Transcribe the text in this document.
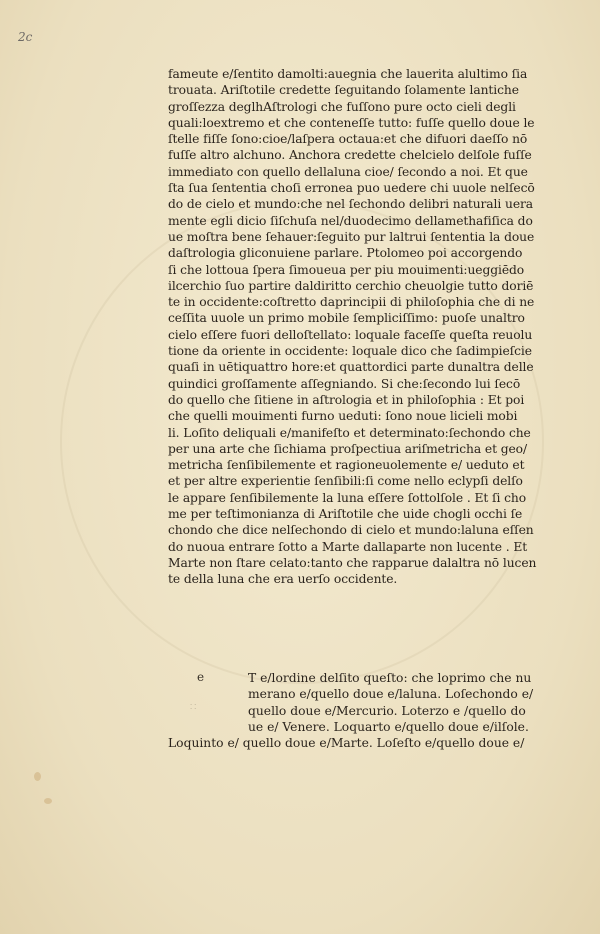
2c
fameute e/ſentito damolti:auegnia che lauerita alultimo ſia
trouata. Ariſtotile credette ſeguitando ſolamente lantiche
groſſezza deglhAſtrologi che fuſſono pure octo cieli degli
quali:loextremo et che conteneſſe tutto: fuſſe quello doue le
ſtelle fiſſe ſono:cioe/laſpera octaua:et che difuori daeſſo nō
fuſſe altro alchuno. Anchora credette chelcielo delſole fuſſe
immediato con quello dellaluna cioe/ ſecondo a noi. Et que
ſta ſua ſententia choſi erronea puo uedere chi uuole nelſecō
do de cielo et mundo:che nel ſechondo delibri naturali uera
mente egli dicio ſiſchuſa nel/duodecimo dellamethafiſica do
ue moſtra bene ſehauer:ſeguito pur laltrui ſententia la doue
daſtrologia gliconuiene parlare. Ptolomeo poi accorgendo
ſi che lottoua ſpera ſimoueua per piu mouimenti:ueggiēdo
ilcerchio ſuo partire daldiritto cerchio cheuolgie tutto doriē
te in occidente:coſtretto daprincipii di philoſophia che di ne
ceſſita uuole un primo mobile ſempliciſſimo: puoſe unaltro
cielo eſſere fuori delloſtellato: loquale faceſſe queſta reuolu
tione da oriente in occidente: loquale dico che ſadimpieſcie
quaſi in uētiquattro hore:et quattordici parte dunaltra delle
quindici groſſamente aſſegniando. Si che:ſecondo lui ſecō
do quello che ſitiene in aſtrologia et in philoſophia : Et poi
che quelli mouimenti furno ueduti: ſono noue licieli mobi
li. Loſito deliquali e/manifeſto et determinato:ſechondo che
per una arte che ſichiama proſpectiua ariſmetricha et geo/
metricha ſenſibilemente et ragioneuolemente e/ ueduto et
et per altre experientie ſenſibili:ſi come nello eclypſi delſo
le appare ſenſibilemente la luna eſſere ſottolſole . Et ſi cho
me per teſtimonianza di Ariſtotile che uide chogli occhi ſe
chondo che dice nelſechondo di cielo et mundo:laluna eſſen
do nuoua entrare ſotto a Marte dallaparte non lucente . Et
Marte non ſtare celato:tanto che rapparue dalaltra nō lucen
te della luna che era uerſo occidente.
e
∷
T e/lordine delſito queſto: che loprimo che nu
merano e/quello doue e/laluna. Loſechondo e/
quello doue e/Mercurio. Loterzo e /quello do
ue e/ Venere. Loquarto e/quello doue e/ilſole.
Loquinto e/ quello doue e/Marte. Loſeſto e/quello doue e/
